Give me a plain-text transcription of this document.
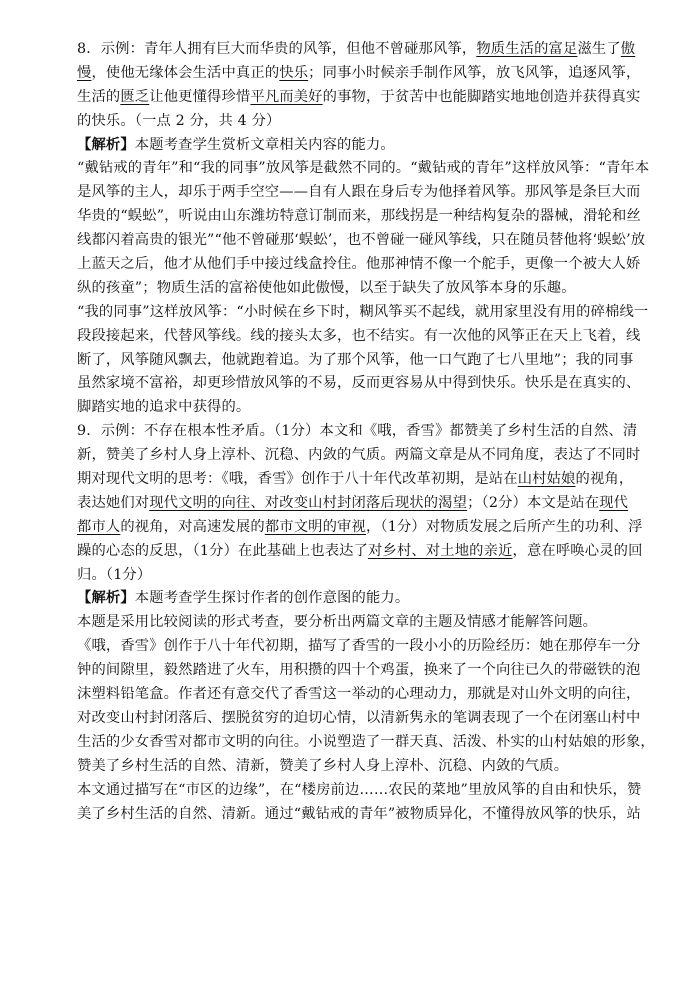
8．示例：青年人拥有巨大而华贵的风筝，但他不曾碰那风筝，物质生活的富足滋生了傲
慢，使他无缘体会生活中真正的快乐；同事小时候亲手制作风筝，放飞风筝，追逐风筝，
生活的匮乏让他更懂得珍惜平凡而美好的事物，于贫苦中也能脚踏实地地创造并获得真实
的快乐。（一点 2 分，共 4 分）
【解析】本题考查学生赏析文章相关内容的能力。
“戴钻戒的青年”和“我的同事”放风筝是截然不同的。“戴钻戒的青年”这样放风筝：“青年本
是风筝的主人，却乐于两手空空——自有人跟在身后专为他择着风筝。那风筝是条巨大而
华贵的“蜈蚣”，听说由山东潍坊特意订制而来，那线拐是一种结构复杂的器械，滑轮和丝
线都闪着高贵的银光”“他不曾碰那‘蜈蚣’，也不曾碰一碰风筝线，只在随员替他将‘蜈蚣’放
上蓝天之后，他才从他们手中接过线盒拎住。他那神情不像一个舵手，更像一个被大人娇
纵的孩童”；物质生活的富裕使他如此傲慢，以至于缺失了放风筝本身的乐趣。
“我的同事”这样放风筝：“小时候在乡下时，糊风筝买不起线，就用家里没有用的碎棉线一
段段接起来，代替风筝线。线的接头太多，也不结实。有一次他的风筝正在天上飞着，线
断了，风筝随风飘去，他就跑着追。为了那个风筝，他一口气跑了七八里地”；我的同事
虽然家境不富裕，却更珍惜放风筝的不易，反而更容易从中得到快乐。快乐是在真实的、
脚踏实地的追求中获得的。
9．示例：不存在根本性矛盾。（1分）本文和《哦，香雪》都赞美了乡村生活的自然、清
新，赞美了乡村人身上淳朴、沉稳、内敛的气质。两篇文章是从不同角度，表达了不同时
期对现代文明的思考：《哦，香雪》创作于八十年代改革初期，是站在山村姑娘的视角，
表达她们对现代文明的向往、对改变山村封闭落后现状的渴望；（2分）本文是站在现代
都市人的视角，对高速发展的都市文明的审视，（1分）对物质发展之后所产生的功利、浮
躁的心态的反思，（1分）在此基础上也表达了对乡村、对土地的亲近，意在呼唤心灵的回
归。（1分）
【解析】本题考查学生探讨作者的创作意图的能力。
本题是采用比较阅读的形式考查，要分析出两篇文章的主题及情感才能解答问题。
《哦，香雪》创作于八十年代初期，描写了香雪的一段小小的历险经历：她在那停车一分
钟的间隙里，毅然踏进了火车，用积攒的四十个鸡蛋，换来了一个向往已久的带磁铁的泡
沫塑料铅笔盒。作者还有意交代了香雪这一举动的心理动力，那就是对山外文明的向往，
对改变山村封闭落后、摆脱贫穷的迫切心情，以清新隽永的笔调表现了一个在闭塞山村中
生活的少女香雪对都市文明的向往。小说塑造了一群天真、活泼、朴实的山村姑娘的形象，
赞美了乡村生活的自然、清新，赞美了乡村人身上淳朴、沉稳、内敛的气质。
本文通过描写在“市区的边缘”，在“楼房前边……农民的菜地”里放风筝的自由和快乐，赞
美了乡村生活的自然、清新。通过“戴钻戒的青年”被物质异化，不懂得放风筝的快乐，站
